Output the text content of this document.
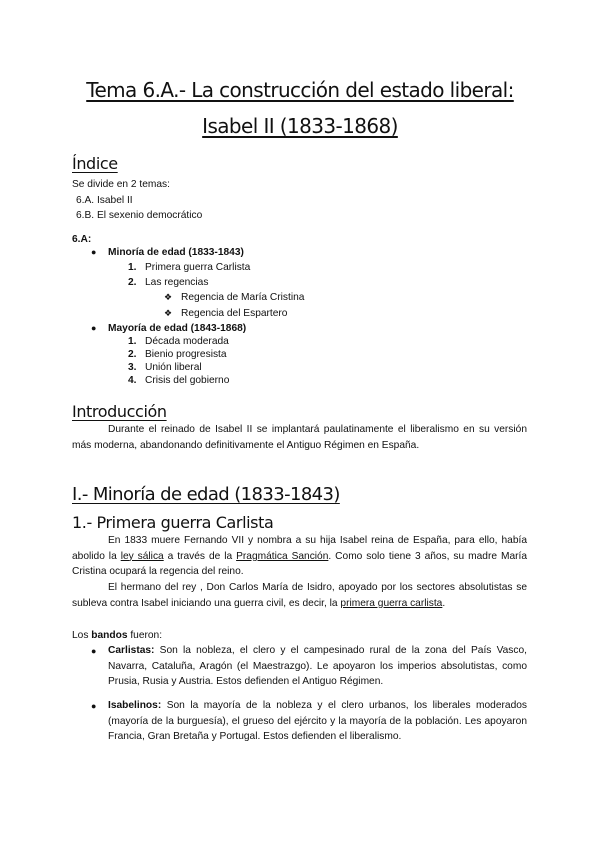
Tema 6.A.- La construcción del estado liberal:
Isabel II (1833-1868)
Índice
Se divide en 2 temas:
6.A. Isabel II
6.B. El sexenio democrático
6.A:
● Minoría de edad (1833-1843)
1. Primera guerra Carlista
2. Las regencias
❖ Regencia de María Cristina
❖ Regencia del Espartero
● Mayoría de edad (1843-1868)
1. Década moderada
2. Bienio progresista
3. Unión liberal
4. Crisis del gobierno
Introducción
Durante el reinado de Isabel II se implantará paulatinamente el liberalismo en su versión más moderna, abandonando definitivamente el Antiguo Régimen en España.
I.- Minoría de edad (1833-1843)
1.- Primera guerra Carlista
En 1833 muere Fernando VII y nombra a su hija Isabel reina de España, para ello, había abolido la ley sálica a través de la Pragmática Sanción. Como solo tiene 3 años, su madre María Cristina ocupará la regencia del reino.
El hermano del rey , Don Carlos María de Isidro, apoyado por los sectores absolutistas se subleva contra Isabel iniciando una guerra civil, es decir, la primera guerra carlista.
Los bandos fueron:
● Carlistas: Son la nobleza, el clero y el campesinado rural de la zona del País Vasco, Navarra, Cataluña, Aragón (el Maestrazgo). Le apoyaron los imperios absolutistas, como Prusia, Rusia y Austria. Estos defienden el Antiguo Régimen.
● Isabelinos: Son la mayoría de la nobleza y el clero urbanos, los liberales moderados (mayoría de la burguesía), el grueso del ejército y la mayoría de la población. Les apoyaron Francia, Gran Bretaña y Portugal. Estos defienden el liberalismo.
